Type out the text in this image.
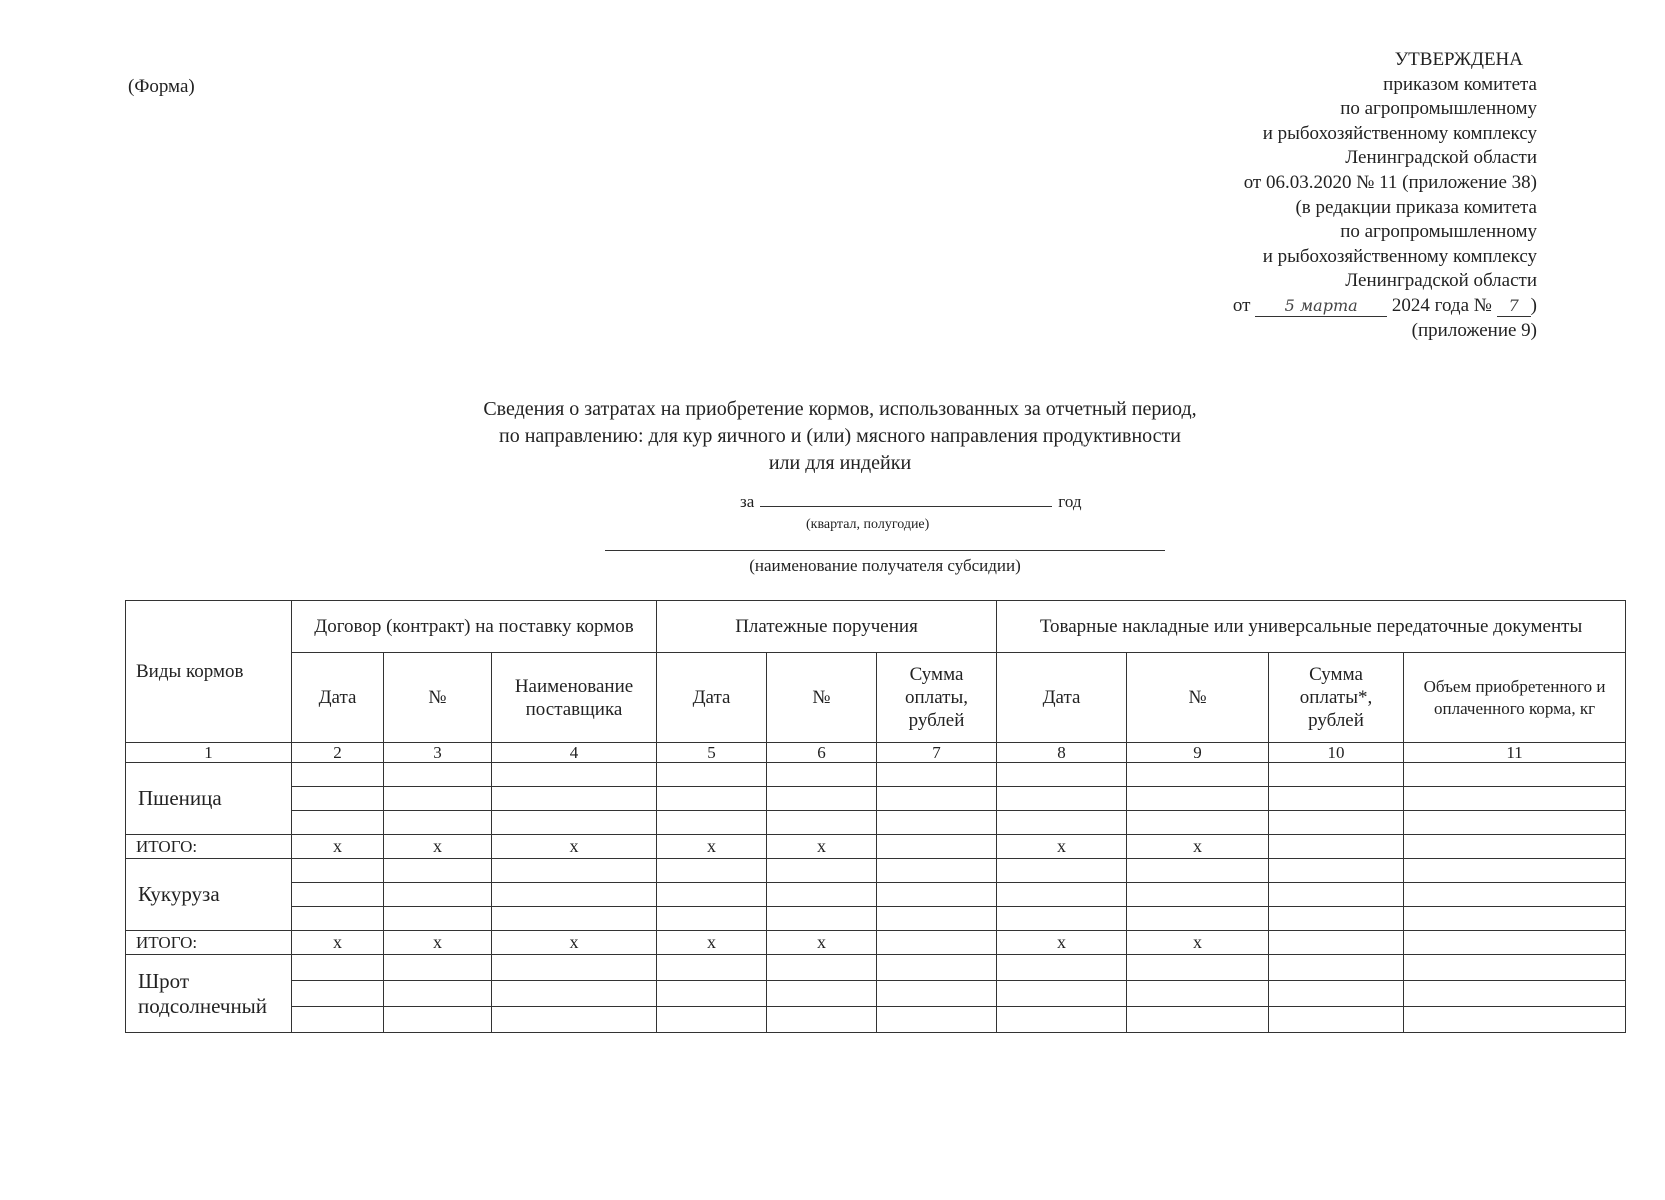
(Форма)
УТВЕРЖДЕНА
приказом комитета
по агропромышленному
и рыбохозяйственному комплексу
Ленинградской области
от 06.03.2020 № 11 (приложение 38)
(в редакции приказа комитета
по агропромышленному
и рыбохозяйственному комплексу
Ленинградской области
от 5 марта 2024 года № 7 )
(приложение 9)
Сведения о затратах на приобретение кормов, использованных за отчетный период,
по направлению: для кур яичного и (или) мясного направления продуктивности
или для индейки
за	год
(квартал, полугодие)
(наименование получателя субсидии)
Виды кормов	Договор (контракт) на поставку кормов			Платежные поручения			Товарные накладные или универсальные передаточные документы			
	Дата	№	Наименование поставщика	Дата	№	Сумма оплаты, рублей	Дата	№	Сумма оплаты*, рублей	Объем приобретенного и оплаченного корма, кг
1	2	3	4	5	6	7	8	9	10	11
Пшеница										

ИТОГО:	х	х	х	х	х		х	х		
Кукуруза										

ИТОГО:	х	х	х	х	х		х	х		
Шрот подсолнечный										
